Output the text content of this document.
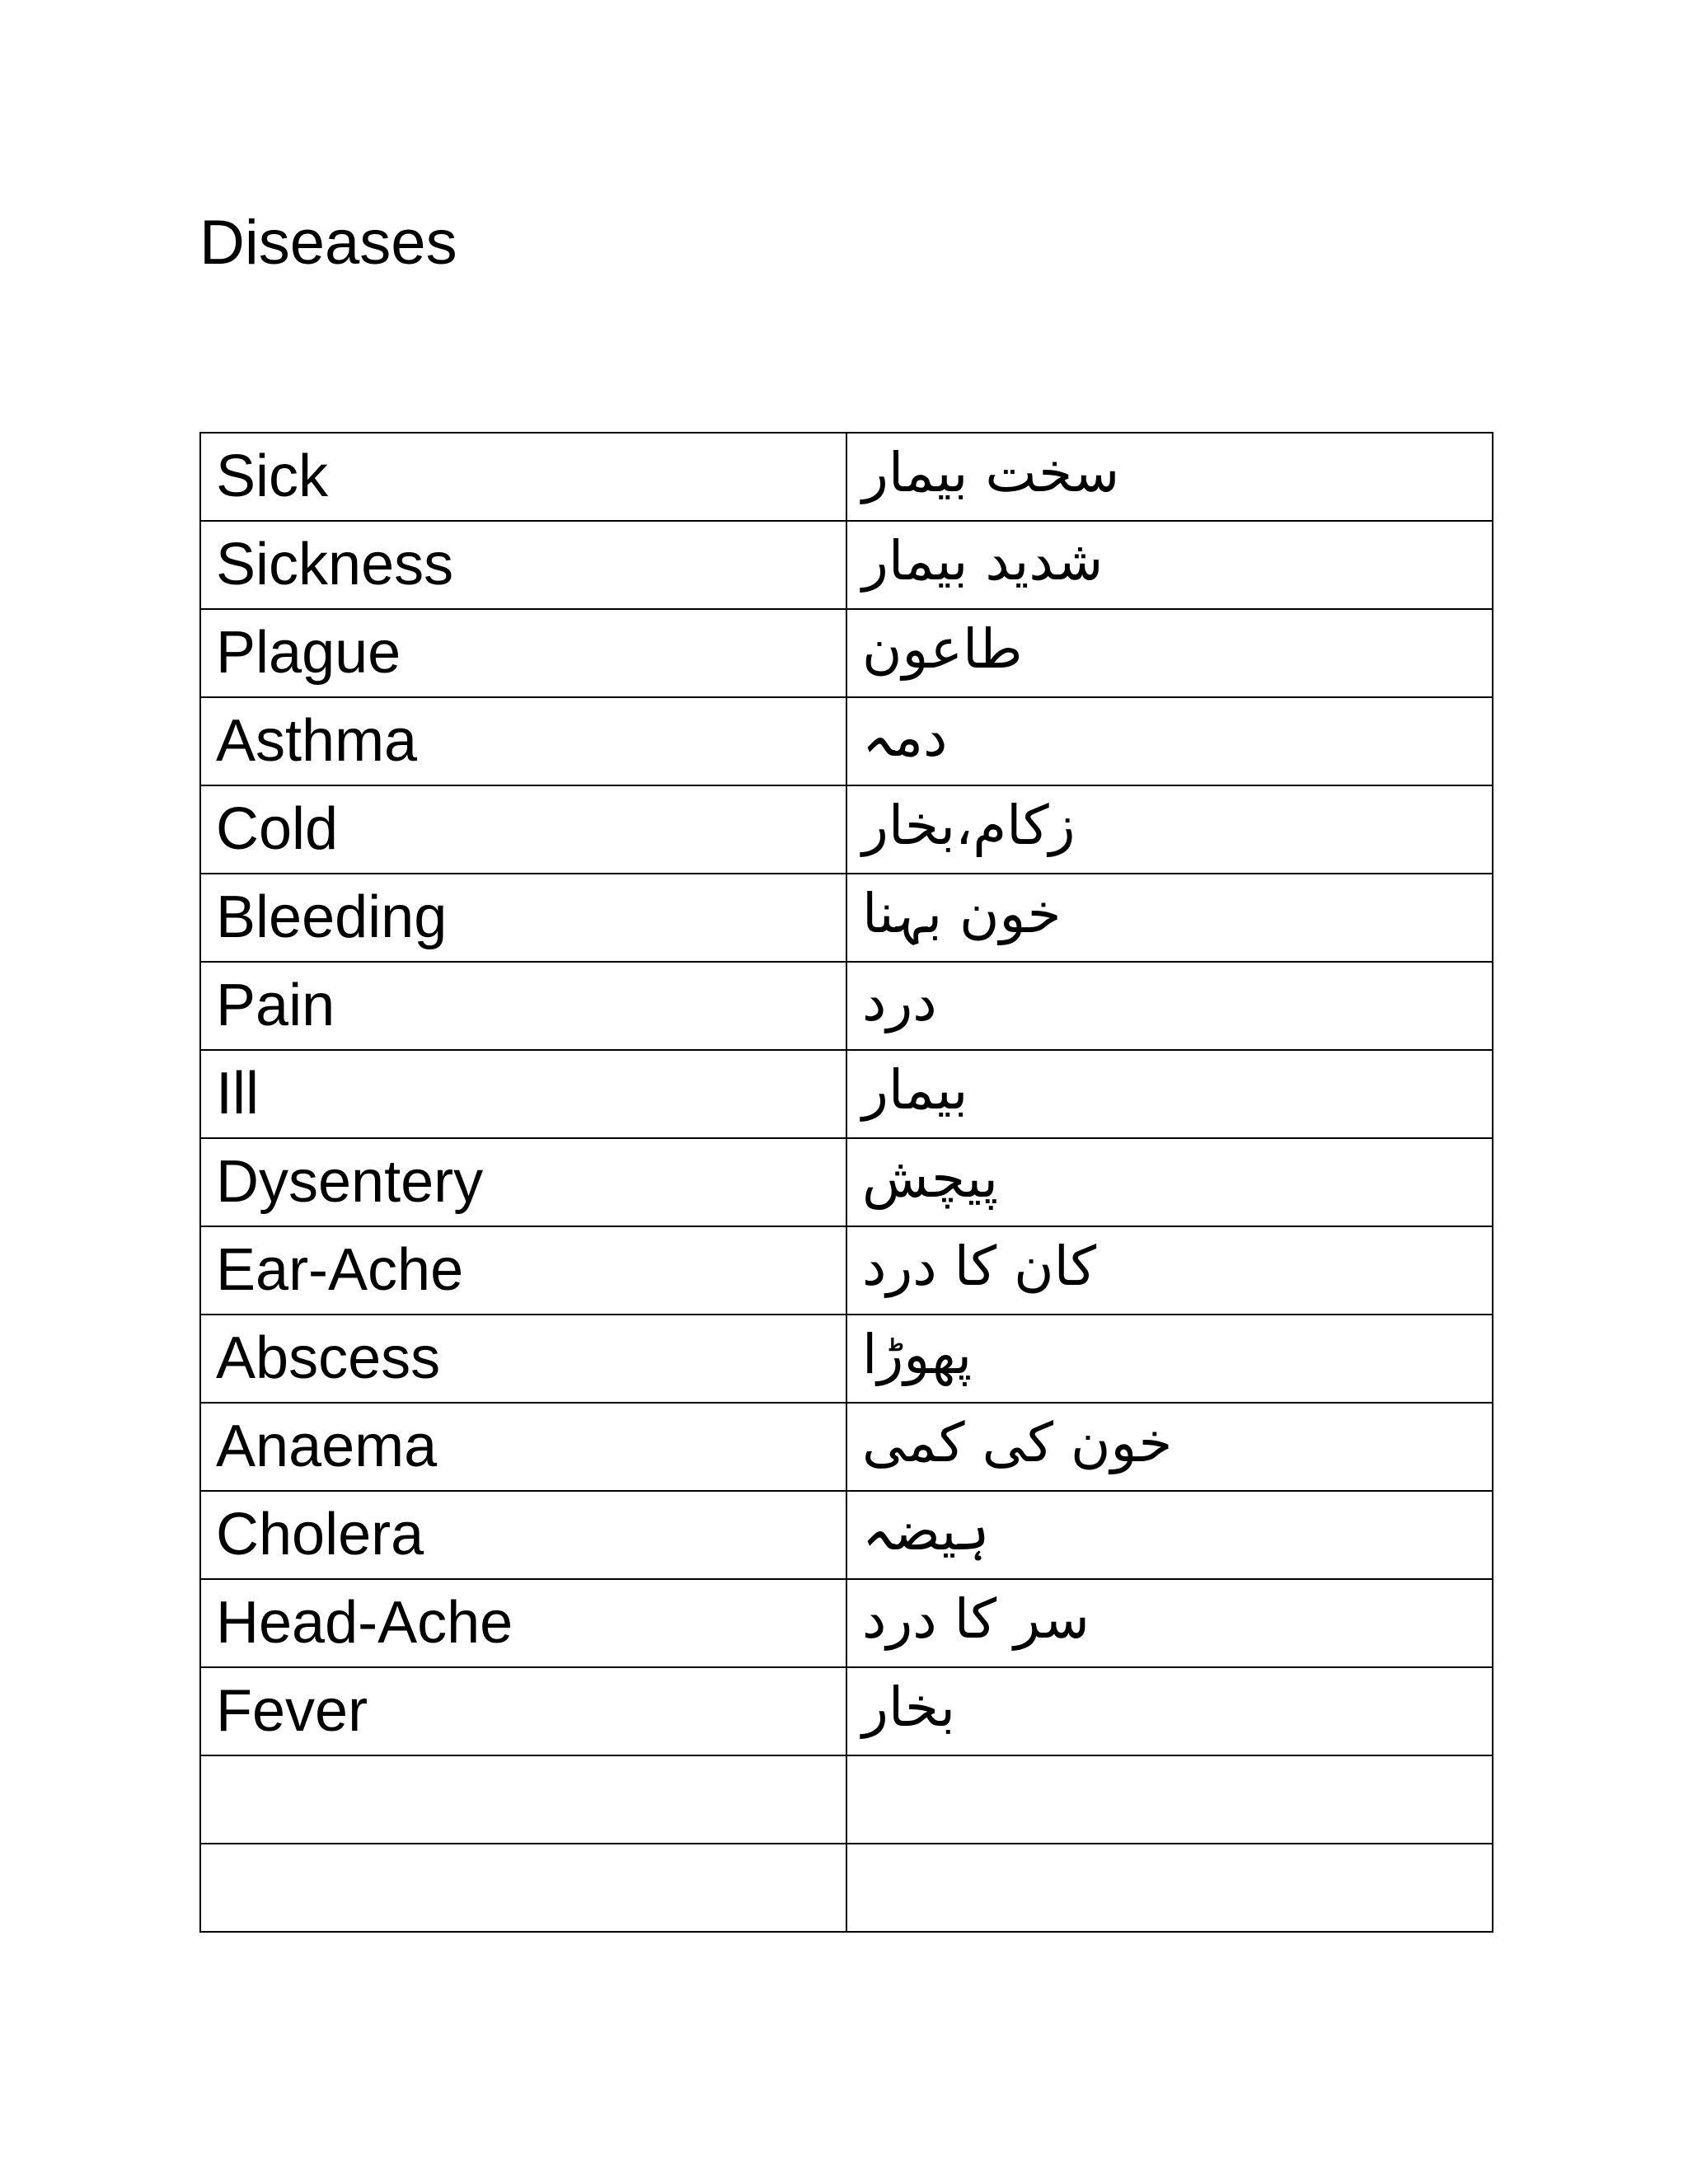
Diseases
Sick	سخت بیمار
Sickness	شدید بیمار
Plague	طاعون
Asthma	دمہ
Cold	زکام،بخار
Bleeding	خون بہنا
Pain	درد
Ill	بیمار
Dysentery	پیچش
Ear-Ache	کان کا درد
Abscess	پھوڑا
Anaema	خون کی کمی
Cholera	ہیضہ
Head-Ache	سر کا درد
Fever	بخار
